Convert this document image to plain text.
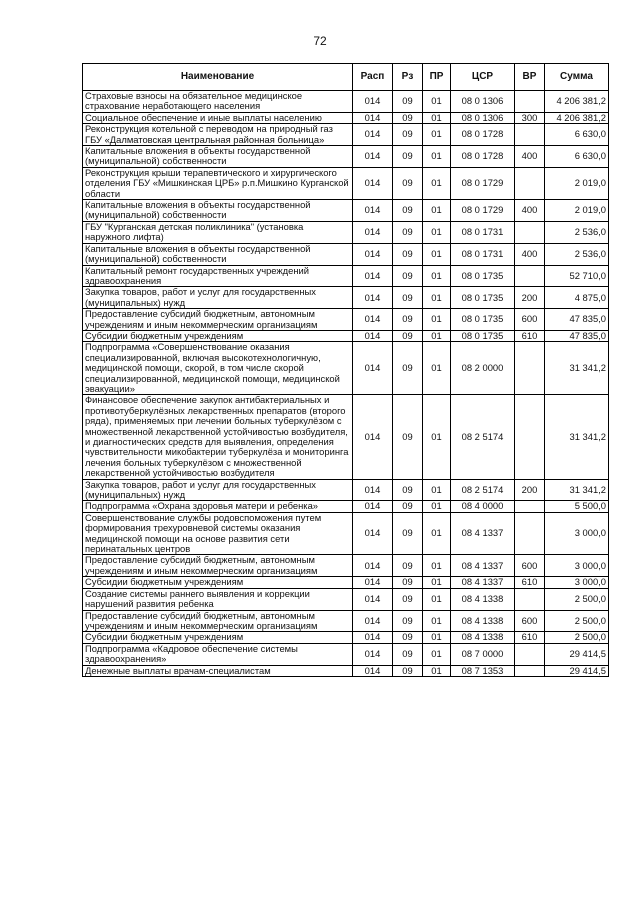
72
Наименование	Расп	Рз	ПР	ЦСР	ВР	Сумма
Страховые взносы на обязательное медицинское страхование неработающего населения	014	09	01	08 0 1306		4 206 381,2
Социальное обеспечение и иные выплаты населению	014	09	01	08 0 1306	300	4 206 381,2
Реконструкция котельной с переводом на природный газ ГБУ «Далматовская центральная районная больница»	014	09	01	08 0 1728		6 630,0
Капитальные вложения в объекты государственной (муниципальной) собственности	014	09	01	08 0 1728	400	6 630,0
Реконструкция крыши терапевтического и хирургического отделения ГБУ «Мишкинская ЦРБ» р.п.Мишкино Курганской области	014	09	01	08 0 1729		2 019,0
Капитальные вложения в объекты государственной (муниципальной) собственности	014	09	01	08 0 1729	400	2 019,0
ГБУ "Курганская детская поликлиника" (установка наружного лифта)	014	09	01	08 0 1731		2 536,0
Капитальные вложения в объекты государственной (муниципальной) собственности	014	09	01	08 0 1731	400	2 536,0
Капитальный ремонт государственных учреждений здравоохранения	014	09	01	08 0 1735		52 710,0
Закупка товаров, работ и услуг для государственных (муниципальных) нужд	014	09	01	08 0 1735	200	4 875,0
Предоставление субсидий бюджетным, автономным учреждениям и иным некоммерческим организациям	014	09	01	08 0 1735	600	47 835,0
Субсидии бюджетным учреждениям	014	09	01	08 0 1735	610	47 835,0
Подпрограмма «Совершенствование оказания специализированной, включая высокотехнологичную, медицинской помощи, скорой, в том числе скорой специализированной, медицинской помощи, медицинской эвакуации»	014	09	01	08 2 0000		31 341,2
Финансовое обеспечение закупок антибактериальных и противотуберкулёзных лекарственных препаратов (второго ряда), применяемых при лечении больных туберкулёзом с множественной лекарственной устойчивостью возбудителя, и диагностических средств для выявления, определения чувствительности микобактерии туберкулёза и мониторинга лечения больных туберкулёзом с множественной лекарственной устойчивостью возбудителя	014	09	01	08 2 5174		31 341,2
Закупка товаров, работ и услуг для государственных (муниципальных) нужд	014	09	01	08 2 5174	200	31 341,2
Подпрограмма «Охрана здоровья матери и ребенка»	014	09	01	08 4 0000		5 500,0
Совершенствование службы родовспоможения путем формирования трехуровневой системы оказания медицинской помощи на основе развития сети перинатальных центров	014	09	01	08 4 1337		3 000,0
Предоставление субсидий бюджетным, автономным учреждениям и иным некоммерческим организациям	014	09	01	08 4 1337	600	3 000,0
Субсидии бюджетным учреждениям	014	09	01	08 4 1337	610	3 000,0
Создание системы раннего выявления и коррекции нарушений развития ребенка	014	09	01	08 4 1338		2 500,0
Предоставление субсидий бюджетным, автономным учреждениям и иным некоммерческим организациям	014	09	01	08 4 1338	600	2 500,0
Субсидии бюджетным учреждениям	014	09	01	08 4 1338	610	2 500,0
Подпрограмма «Кадровое обеспечение системы здравоохранения»	014	09	01	08 7 0000		29 414,5
Денежные выплаты врачам-специалистам	014	09	01	08 7 1353		29 414,5
